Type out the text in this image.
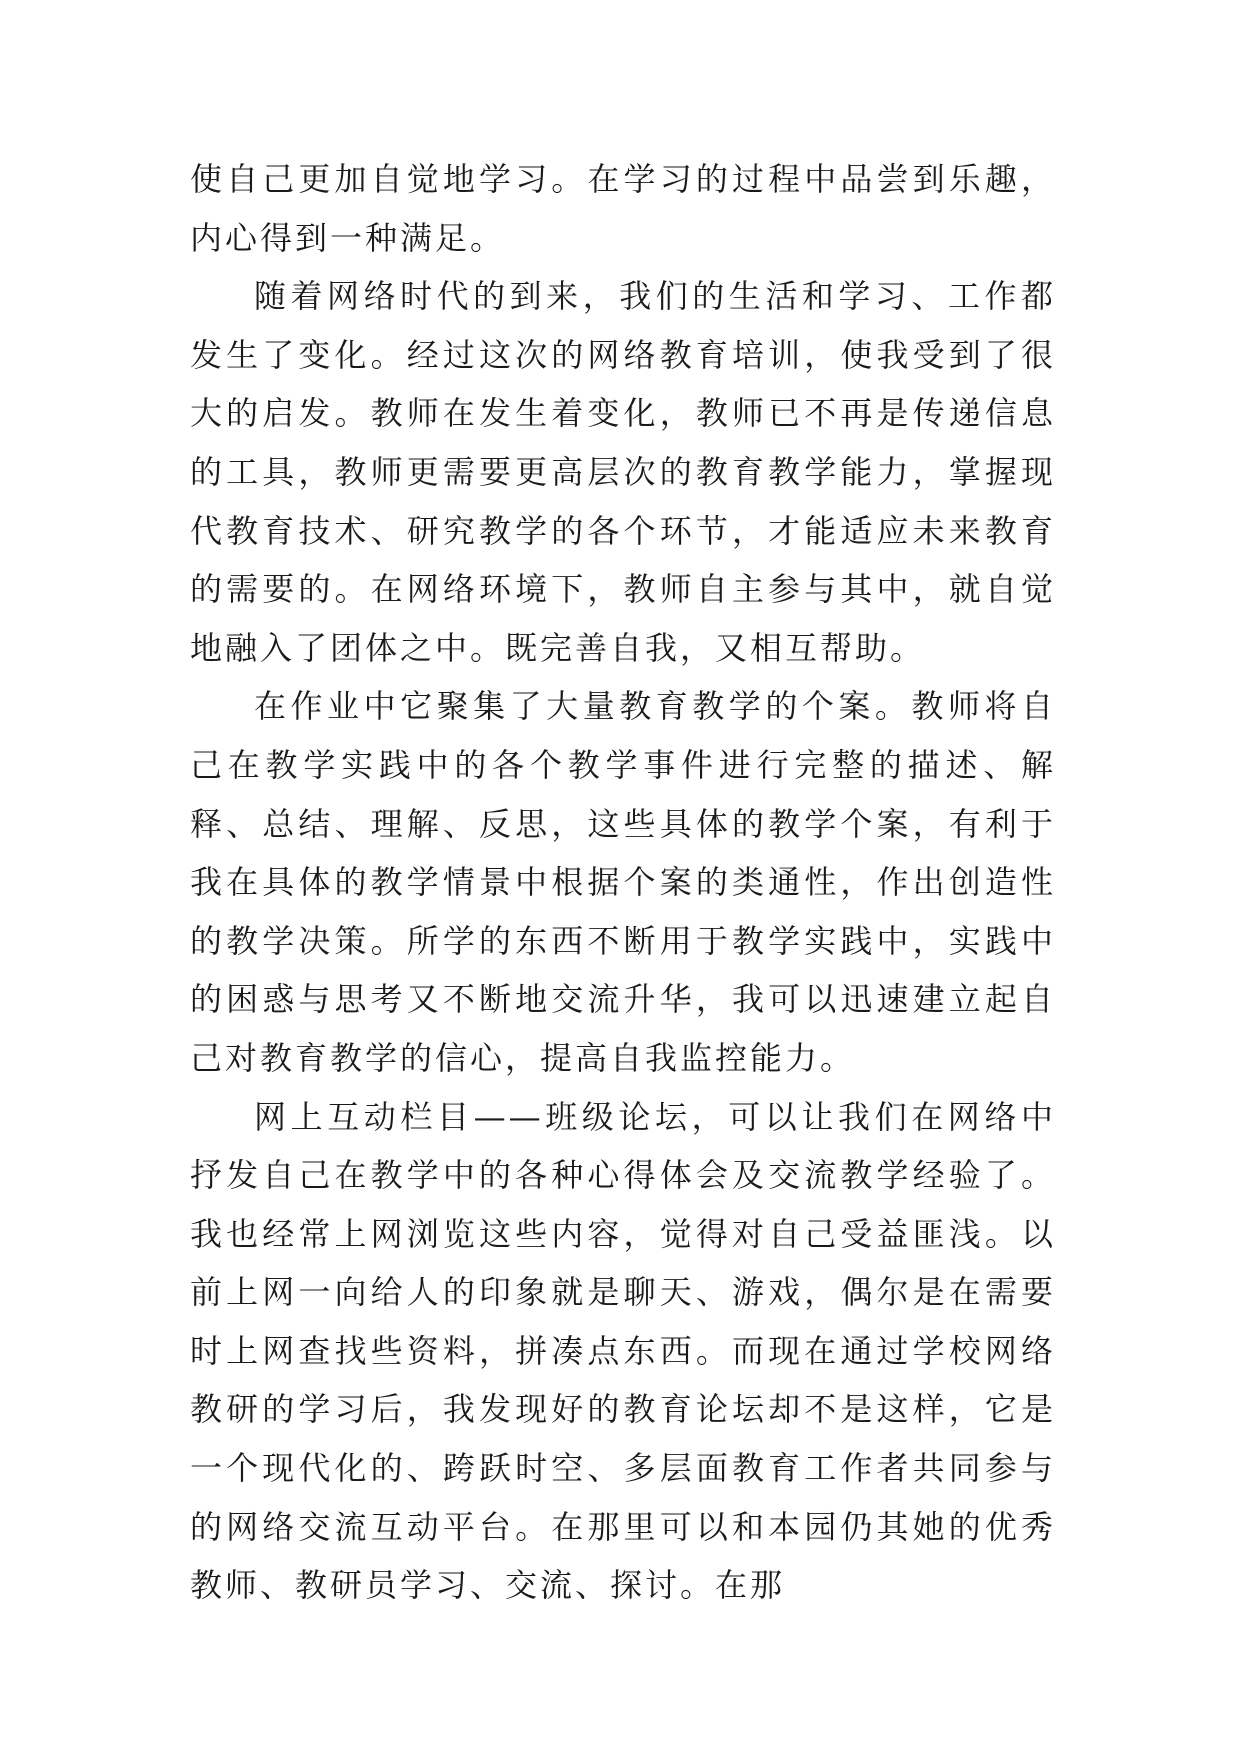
使自己更加自觉地学习。在学习的过程中品尝到乐趣，内心得到一种满足。

随着网络时代的到来，我们的生活和学习、工作都发生了变化。经过这次的网络教育培训，使我受到了很大的启发。教师在发生着变化，教师已不再是传递信息的工具，教师更需要更高层次的教育教学能力，掌握现代教育技术、研究教学的各个环节，才能适应未来教育的需要的。在网络环境下，教师自主参与其中，就自觉地融入了团体之中。既完善自我，又相互帮助。

在作业中它聚集了大量教育教学的个案。教师将自己在教学实践中的各个教学事件进行完整的描述、解释、总结、理解、反思，这些具体的教学个案，有利于我在具体的教学情景中根据个案的类通性，作出创造性的教学决策。所学的东西不断用于教学实践中，实践中的困惑与思考又不断地交流升华，我可以迅速建立起自己对教育教学的信心，提高自我监控能力。

网上互动栏目——班级论坛，可以让我们在网络中抒发自己在教学中的各种心得体会及交流教学经验了。我也经常上网浏览这些内容，觉得对自己受益匪浅。以前上网一向给人的印象就是聊天、游戏，偶尔是在需要时上网查找些资料，拼凑点东西。而现在通过学校网络教研的学习后，我发现好的教育论坛却不是这样，它是一个现代化的、跨跃时空、多层面教育工作者共同参与的网络交流互动平台。在那里可以和本园仍其她的优秀教师、教研员学习、交流、探讨。在那
